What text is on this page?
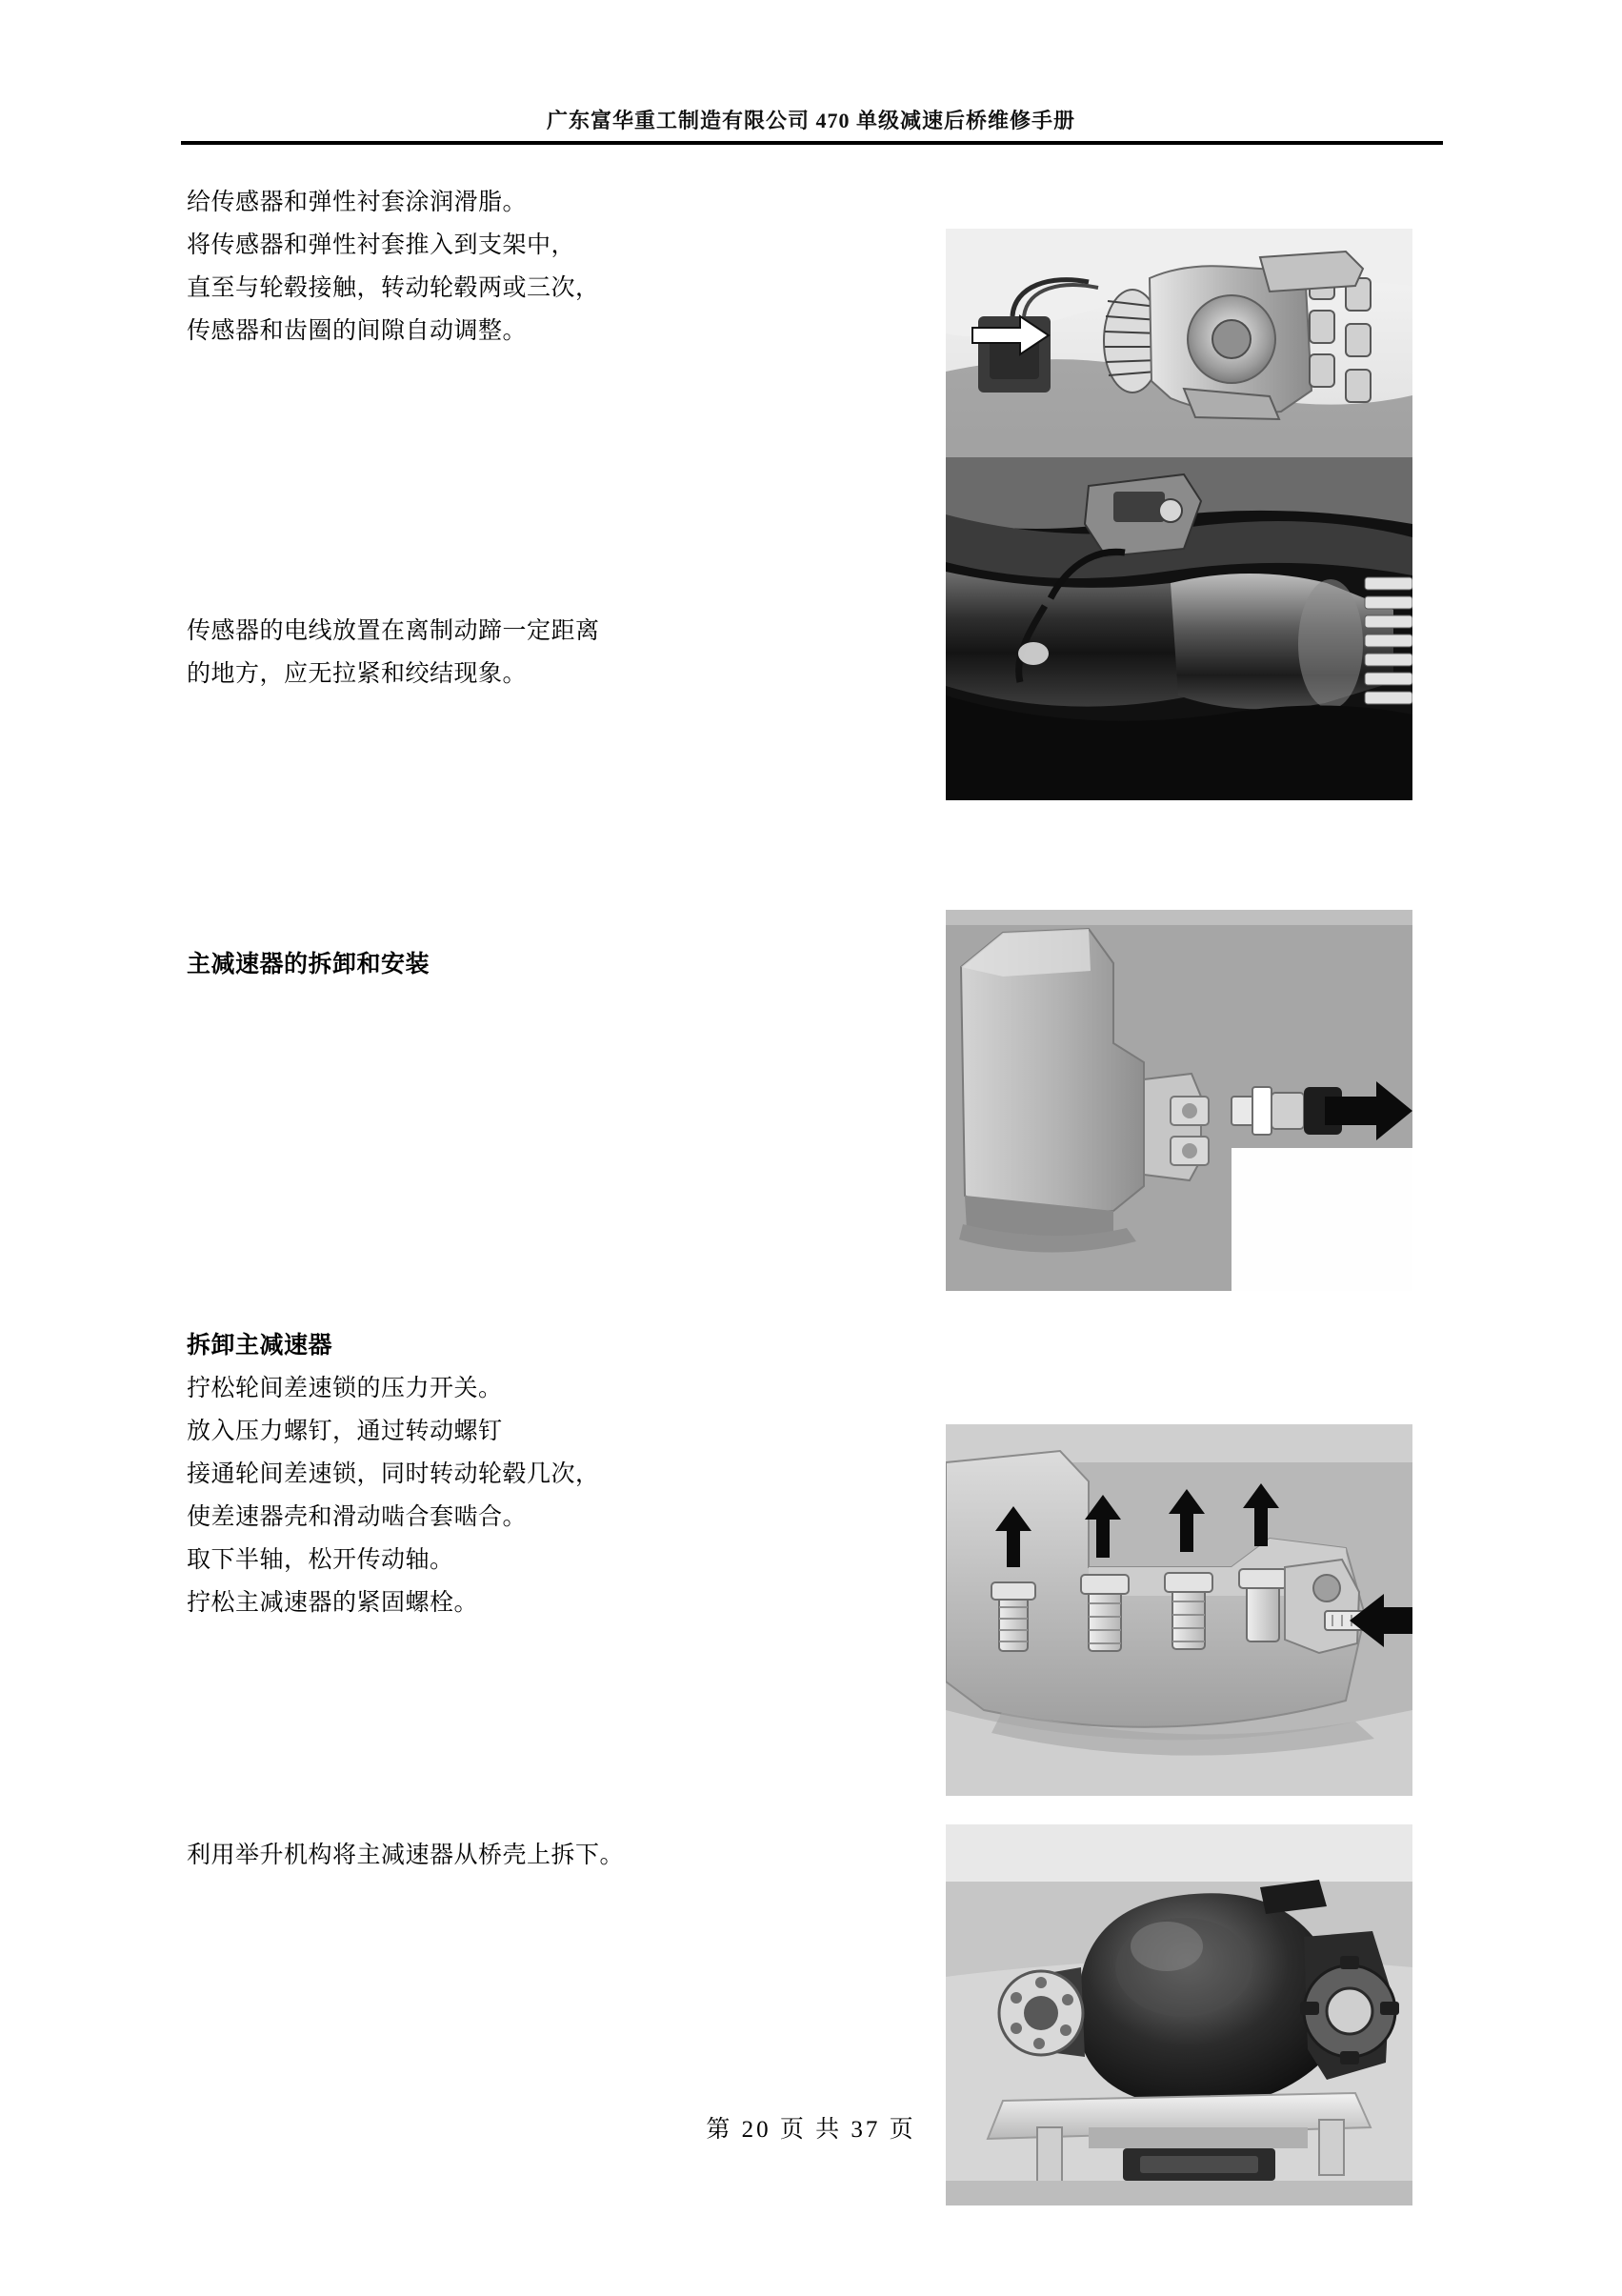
广东富华重工制造有限公司 470 单级减速后桥维修手册

给传感器和弹性衬套涂润滑脂。

将传感器和弹性衬套推入到支架中，

直至与轮毂接触，转动轮毂两或三次，

传感器和齿圈的间隙自动调整。

传感器的电线放置在离制动蹄一定距离

的地方，应无拉紧和绞结现象。

主减速器的拆卸和安装

拆卸主减速器

拧松轮间差速锁的压力开关。

放入压力螺钉，通过转动螺钉

接通轮间差速锁，同时转动轮毂几次，

使差速器壳和滑动啮合套啮合。

取下半轴，松开传动轴。

拧松主减速器的紧固螺栓。

利用举升机构将主减速器从桥壳上拆下。

第 20 页 共 37 页
